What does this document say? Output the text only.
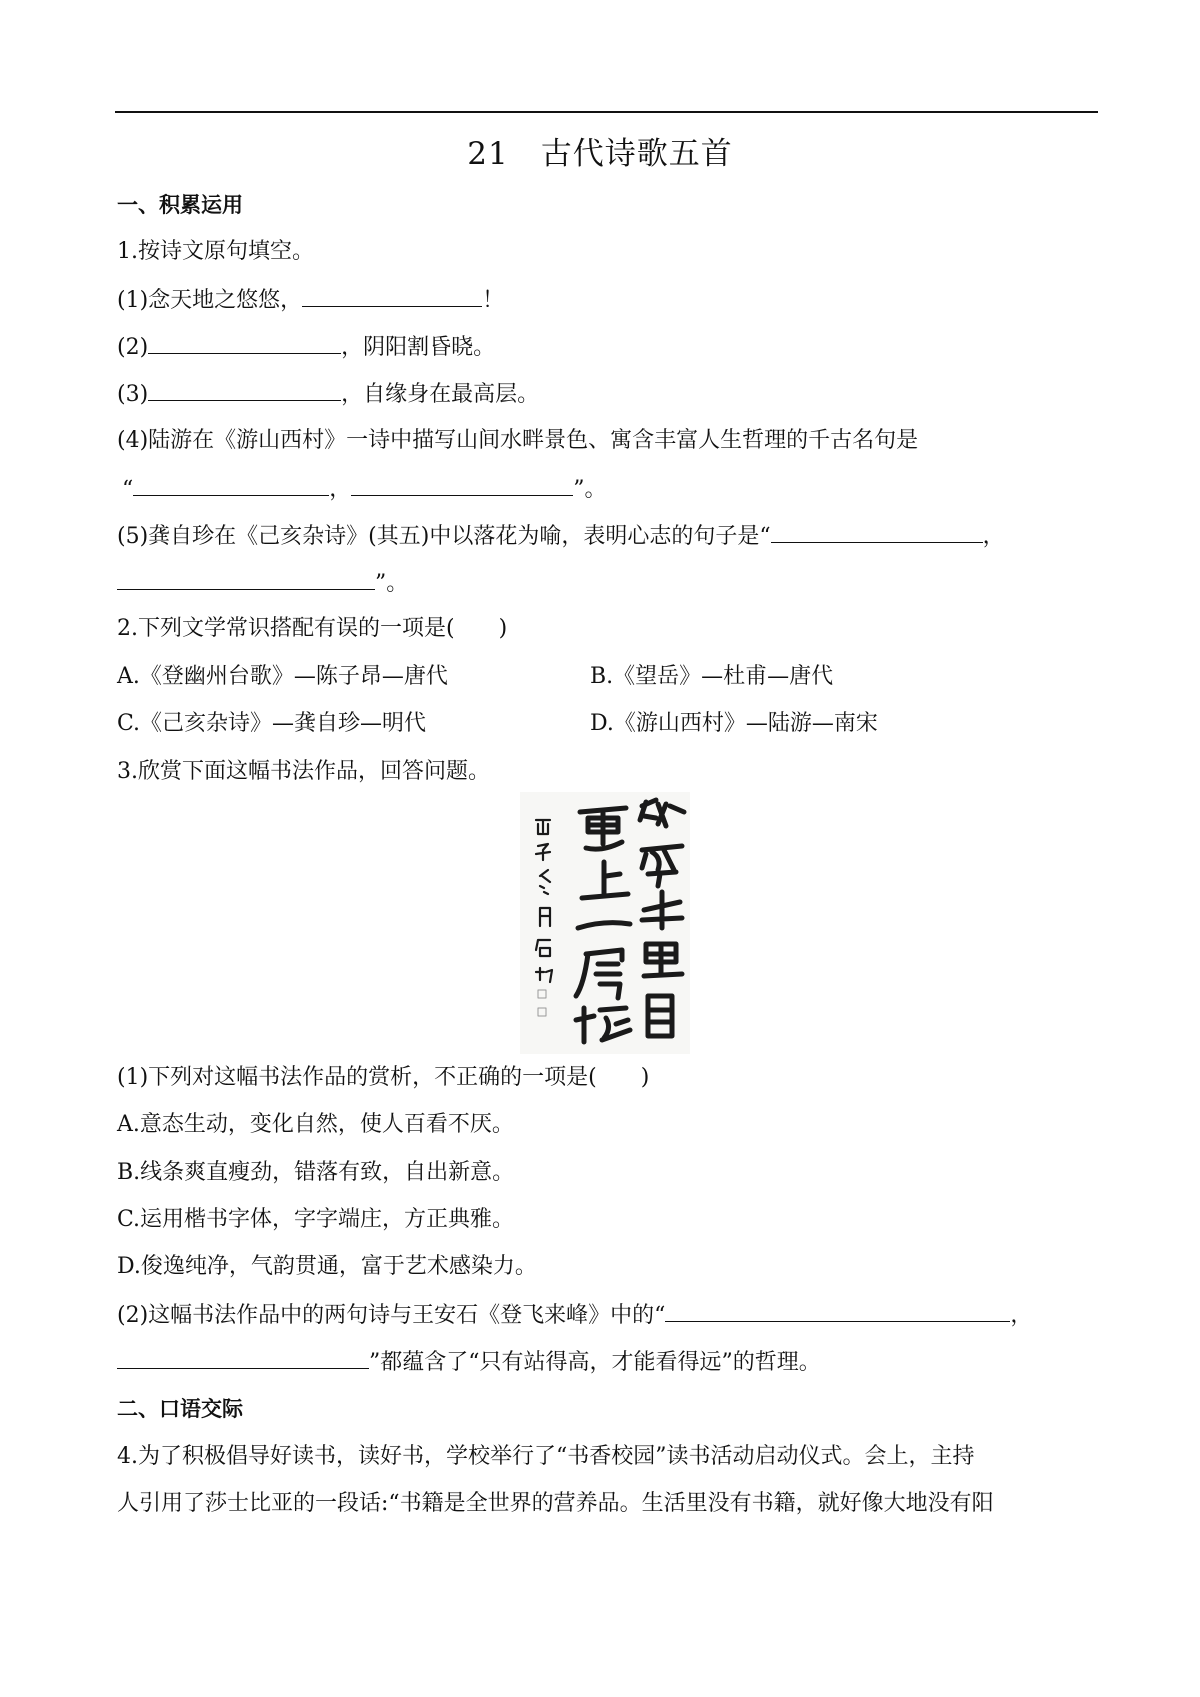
21　古代诗歌五首
一、积累运用
1.按诗文原句填空。
(1)念天地之悠悠，	！
(2)	，阴阳割昏晓。
(3)	，自缘身在最高层。
(4)陆游在《游山西村》一诗中描写山间水畔景色、寓含丰富人生哲理的千古名句是
“	，	”。
(5)龚自珍在《己亥杂诗》(其五)中以落花为喻，表明心志的句子是“	，
”。
2.下列文学常识搭配有误的一项是(　　)
A.《登幽州台歌》—陈子昂—唐代	B.《望岳》—杜甫—唐代
C.《己亥杂诗》—龚自珍—明代	D.《游山西村》—陆游—南宋
3.欣赏下面这幅书法作品，回答问题。
(1)下列对这幅书法作品的赏析，不正确的一项是(　　)
A.意态生动，变化自然，使人百看不厌。
B.线条爽直瘦劲，错落有致，自出新意。
C.运用楷书字体，字字端庄，方正典雅。
D.俊逸纯净，气韵贯通，富于艺术感染力。
(2)这幅书法作品中的两句诗与王安石《登飞来峰》中的“	，
”都蕴含了“只有站得高，才能看得远”的哲理。
二、口语交际
4.为了积极倡导好读书，读好书，学校举行了“书香校园”读书活动启动仪式。会上，主持
人引用了莎士比亚的一段话:“书籍是全世界的营养品。生活里没有书籍，就好像大地没有阳
